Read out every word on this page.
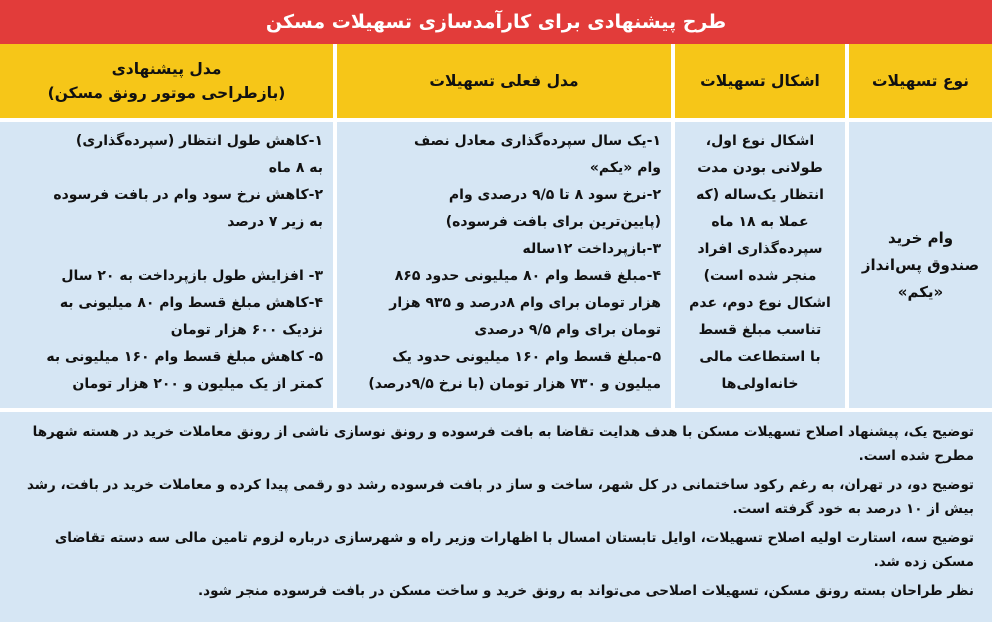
طرح پیشنهادی برای کارآمدسازی تسهیلات مسکن
نوع تسهیلات
اشکال تسهیلات
مدل فعلی تسهیلات
مدل پیشنهادی
(بازطراحی موتور رونق مسکن)
وام خرید
صندوق پس‌انداز
«یکم»
اشکال نوع اول،
طولانی بودن مدت
انتظار یک‌ساله (که
عملا به ۱۸ ماه
سپرده‌گذاری افراد
منجر شده است)
اشکال نوع دوم، عدم
تناسب مبلغ قسط
با استطاعت مالی
خانه‌اولی‌ها
۱-یک سال سپرده‌گذاری معادل نصف
وام «یکم»
۲-نرخ سود ۸ تا ۹/۵ درصدی وام
(پایین‌ترین برای بافت فرسوده)
۳-بازپرداخت ۱۲ساله
۴-مبلغ قسط وام ۸۰ میلیونی حدود ۸۶۵
هزار تومان برای وام ۸درصد و ۹۳۵ هزار
تومان برای وام ۹/۵ درصدی
۵-مبلغ قسط وام ۱۶۰ میلیونی حدود یک
میلیون و ۷۳۰ هزار تومان (با نرخ ۹/۵درصد)
۱-کاهش طول انتظار (سپرده‌گذاری)
به ۸ ماه
۲-کاهش نرخ سود وام در بافت فرسوده
به زیر ۷ درصد

۳- افزایش طول بازپرداخت به ۲۰ سال
۴-کاهش مبلغ قسط وام ۸۰ میلیونی به
نزدیک ۶۰۰ هزار تومان
۵- کاهش مبلغ قسط وام ۱۶۰ میلیونی به
کمتر از یک میلیون و ۲۰۰ هزار تومان

توضیح یک، پیشنهاد اصلاح تسهیلات مسکن با هدف هدایت تقاضا به بافت فرسوده و رونق نوسازی ناشی از رونق معاملات خرید در هسته شهرها مطرح شده است.

توضیح دو، در تهران، به رغم رکود ساختمانی در کل شهر، ساخت و ساز در بافت فرسوده رشد دو رقمی پیدا کرده و معاملات خرید در بافت، رشد بیش از ۱۰ درصد به خود گرفته است.

توضیح سه، استارت اولیه اصلاح تسهیلات، اوایل تابستان امسال با اظهارات وزیر راه و شهرسازی درباره لزوم تامین مالی سه دسته تقاضای مسکن زده شد.

نظر طراحان بسته رونق مسکن، تسهیلات اصلاحی می‌تواند به رونق خرید و ساخت مسکن در بافت فرسوده منجر شود.
